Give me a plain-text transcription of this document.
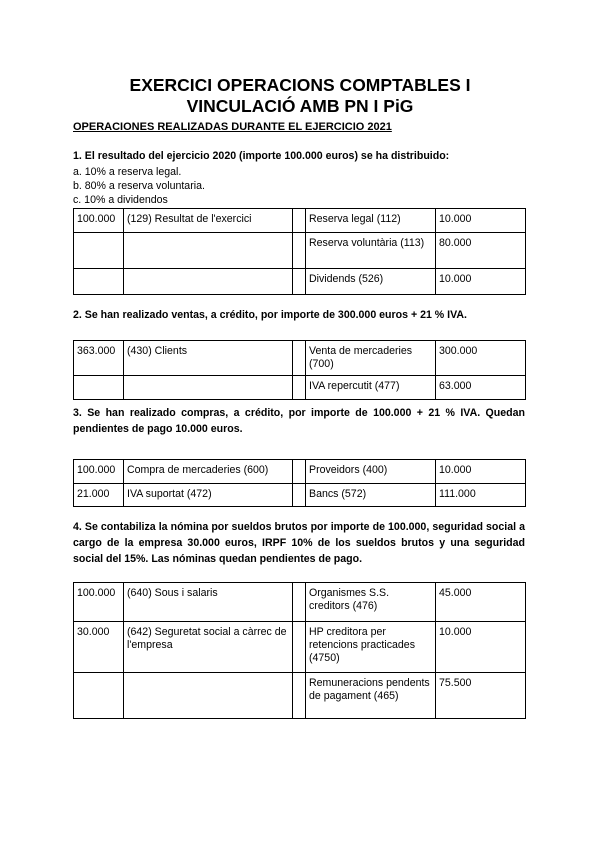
EXERCICI OPERACIONS COMPTABLES I
VINCULACIÓ AMB PN I PiG
OPERACIONES REALIZADAS DURANTE EL EJERCICIO 2021
1. El resultado del ejercicio 2020 (importe 100.000 euros) se ha distribuido:
a. 10% a reserva legal.
b. 80% a reserva voluntaria.
c. 10% a dividendos
100.000	(129) Resultat de l'exercici		Reserva legal (112)	10.000
			Reserva voluntària (113)	80.000
			Dividends (526)	10.000
2. Se han realizado ventas, a crédito, por importe de 300.000 euros + 21 % IVA.
363.000	(430) Clients		Venta de mercaderies (700)	300.000
			IVA repercutit (477)	63.000
3. Se han realizado compras, a crédito, por importe de 100.000 + 21 % IVA. Quedan pendientes de pago 10.000 euros.
100.000	Compra de mercaderies (600)		Proveidors (400)	10.000
21.000	IVA suportat (472)		Bancs (572)	111.000
4. Se contabiliza la nómina por sueldos brutos por importe de 100.000, seguridad social a cargo de la empresa 30.000 euros, IRPF 10% de los sueldos brutos y una seguridad social del 15%. Las nóminas quedan pendientes de pago.
100.000	(640) Sous i salaris		Organismes S.S. creditors (476)	45.000
30.000	(642) Seguretat social a càrrec de l'empresa		HP creditora per retencions practicades (4750)	10.000
			Remuneracions pendents de pagament (465)	75.500
